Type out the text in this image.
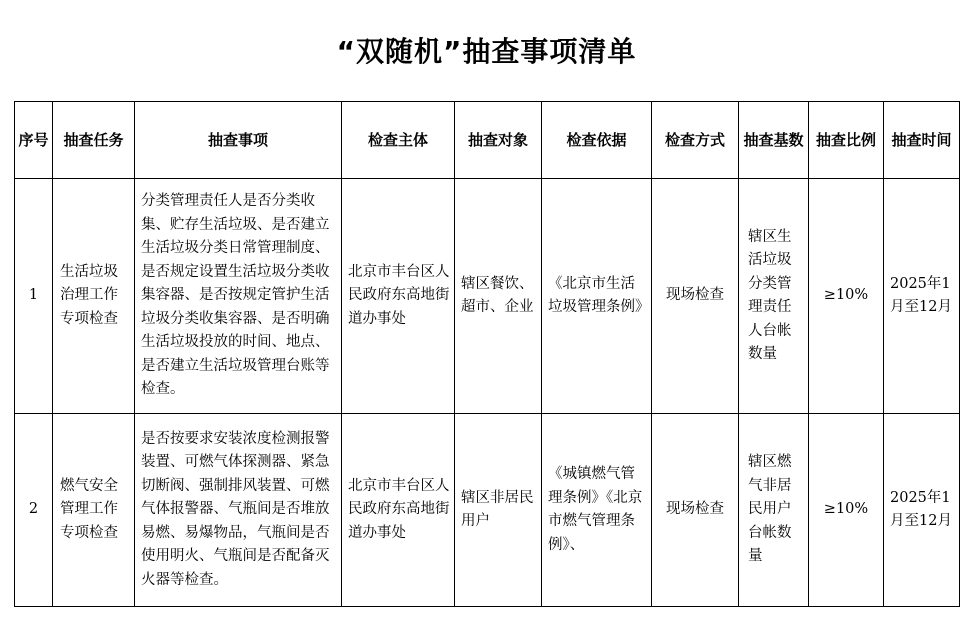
“双随机”抽查事项清单
序号	抽查任务	抽查事项	检查主体	抽查对象	检查依据	检查方式	抽查基数	抽查比例	抽查时间
1	生活垃圾治理工作专项检查	分类管理责任人是否分类收集、贮存生活垃圾、是否建立生活垃圾分类日常管理制度、是否规定设置生活垃圾分类收集容器、是否按规定管护生活垃圾分类收集容器、是否明确生活垃圾投放的时间、地点、是否建立生活垃圾管理台账等检查。	北京市丰台区人民政府东高地街道办事处	辖区餐饮、超市、企业	《北京市生活垃圾管理条例》	现场检查	辖区生活垃圾分类管理责任人台帐数量	≥10%	2025年1月至12月
2	燃气安全管理工作专项检查	是否按要求安装浓度检测报警装置、可燃气体探测器、紧急切断阀、强制排风装置、可燃气体报警器、气瓶间是否堆放易燃、易爆物品，气瓶间是否使用明火、气瓶间是否配备灭火器等检查。	北京市丰台区人民政府东高地街道办事处	辖区非居民用户	《城镇燃气管理条例》《北京市燃气管理条例》、	现场检查	辖区燃气非居民用户台帐数量	≥10%	2025年1月至12月
